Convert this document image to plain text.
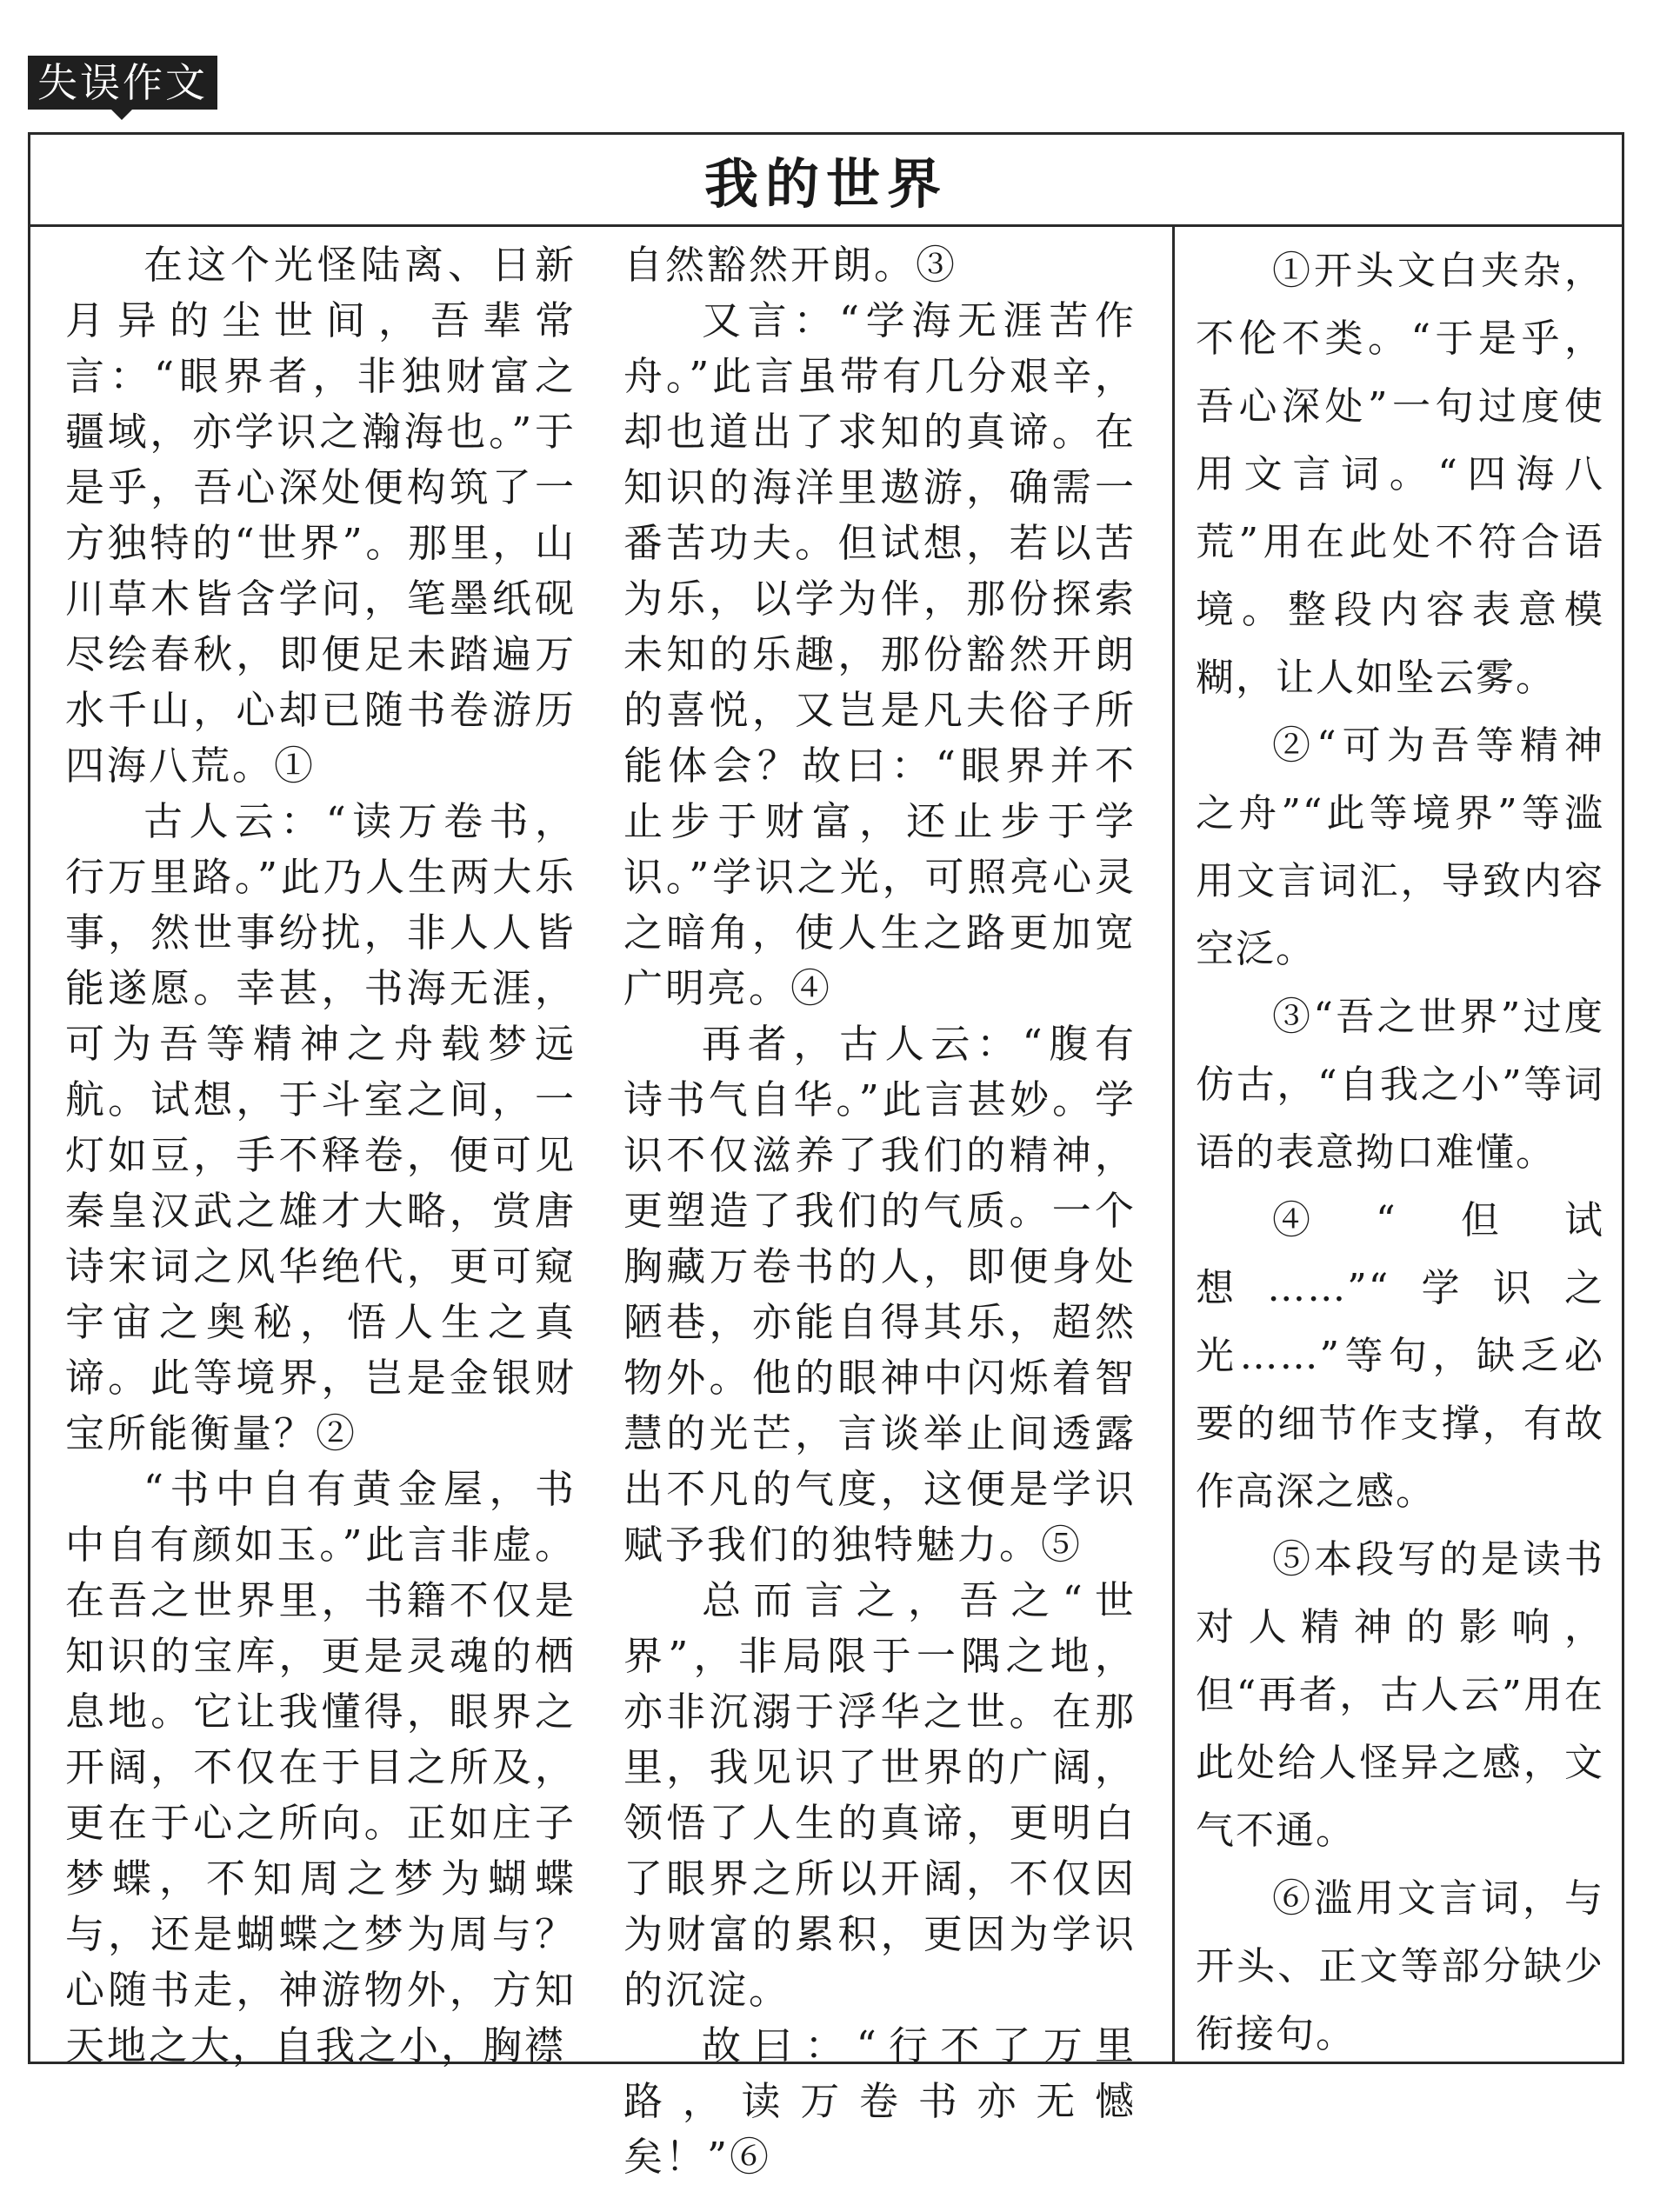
失误作文
我的世界

在这个光怪陆离、日新月异的尘世间，吾辈常言：“眼界者，非独财富之疆域，亦学识之瀚海也。”于是乎，吾心深处便构筑了一方独特的“世界”。那里，山川草木皆含学问，笔墨纸砚尽绘春秋，即便足未踏遍万水千山，心却已随书卷游历四海八荒。①

古人云：“读万卷书，行万里路。”此乃人生两大乐事，然世事纷扰，非人人皆能遂愿。幸甚，书海无涯，可为吾等精神之舟载梦远航。试想，于斗室之间，一灯如豆，手不释卷，便可见秦皇汉武之雄才大略，赏唐诗宋词之风华绝代，更可窥宇宙之奥秘，悟人生之真谛。此等境界，岂是金银财宝所能衡量？②

“书中自有黄金屋，书中自有颜如玉。”此言非虚。在吾之世界里，书籍不仅是知识的宝库，更是灵魂的栖息地。它让我懂得，眼界之开阔，不仅在于目之所及，更在于心之所向。正如庄子梦蝶，不知周之梦为蝴蝶与，还是蝴蝶之梦为周与？心随书走，神游物外，方知天地之大，自我之小，胸襟

自然豁然开朗。③

又言：“学海无涯苦作舟。”此言虽带有几分艰辛，却也道出了求知的真谛。在知识的海洋里遨游，确需一番苦功夫。但试想，若以苦为乐，以学为伴，那份探索未知的乐趣，那份豁然开朗的喜悦，又岂是凡夫俗子所能体会？故曰：“眼界并不止步于财富，还止步于学识。”学识之光，可照亮心灵之暗角，使人生之路更加宽广明亮。④

再者，古人云：“腹有诗书气自华。”此言甚妙。学识不仅滋养了我们的精神，更塑造了我们的气质。一个胸藏万卷书的人，即便身处陋巷，亦能自得其乐，超然物外。他的眼神中闪烁着智慧的光芒，言谈举止间透露出不凡的气度，这便是学识赋予我们的独特魅力。⑤

总而言之，吾之“世界”，非局限于一隅之地，亦非沉溺于浮华之世。在那里，我见识了世界的广阔，领悟了人生的真谛，更明白了眼界之所以开阔，不仅因为财富的累积，更因为学识的沉淀。

故曰：“行不了万里路，读万卷书亦无憾矣！”⑥

①开头文白夹杂，不伦不类。“于是乎，吾心深处”一句过度使用文言词。“四海八荒”用在此处不符合语境。整段内容表意模糊，让人如坠云雾。

②“可为吾等精神之舟”“此等境界”等滥用文言词汇，导致内容空泛。

③“吾之世界”过度仿古，“自我之小”等词语的表意拗口难懂。

④“但试想……”“学识之光……”等句，缺乏必要的细节作支撑，有故作高深之感。

⑤本段写的是读书对人精神的影响，但“再者，古人云”用在此处给人怪异之感，文气不通。

⑥滥用文言词，与开头、正文等部分缺少衔接句。
